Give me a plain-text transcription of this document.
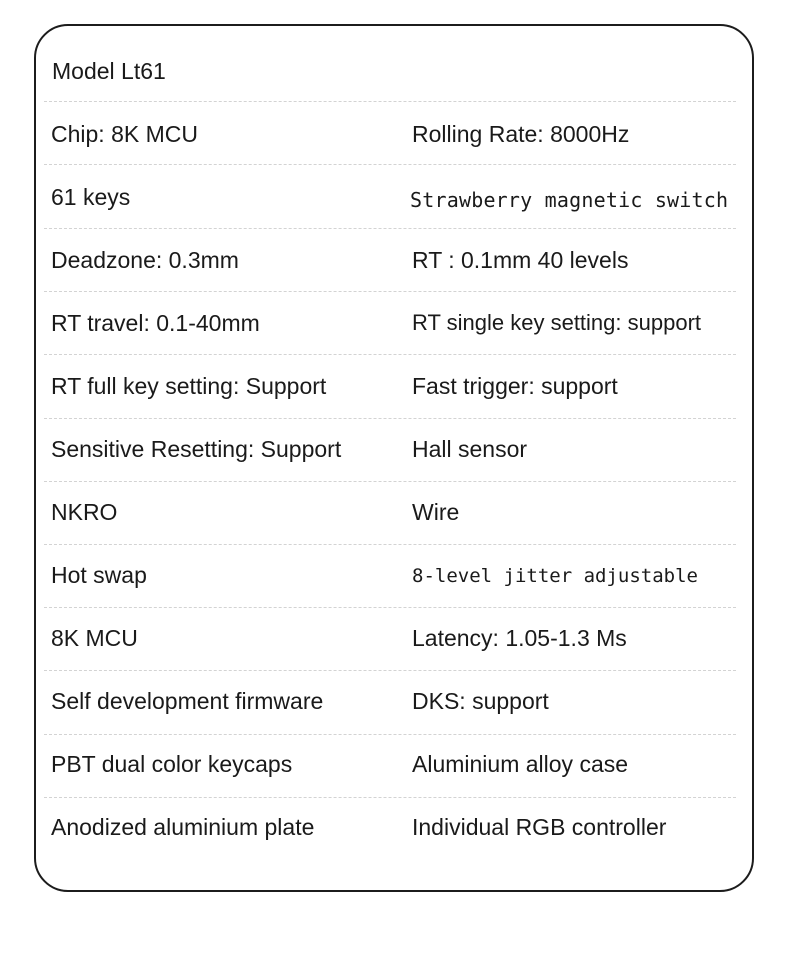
Model Lt61
Chip: 8K MCU	Rolling Rate: 8000Hz
61 keys	Strawberry magnetic switch
Deadzone: 0.3mm	RT : 0.1mm 40 levels
RT travel: 0.1-40mm	RT single key setting: support
RT full key setting: Support	Fast trigger: support
Sensitive Resetting: Support	Hall sensor
NKRO	Wire
Hot swap	8-level jitter adjustable
8K MCU	Latency: 1.05-1.3 Ms
Self development firmware	DKS: support
PBT dual color keycaps	Aluminium alloy case
Anodized aluminium plate	Individual RGB controller
